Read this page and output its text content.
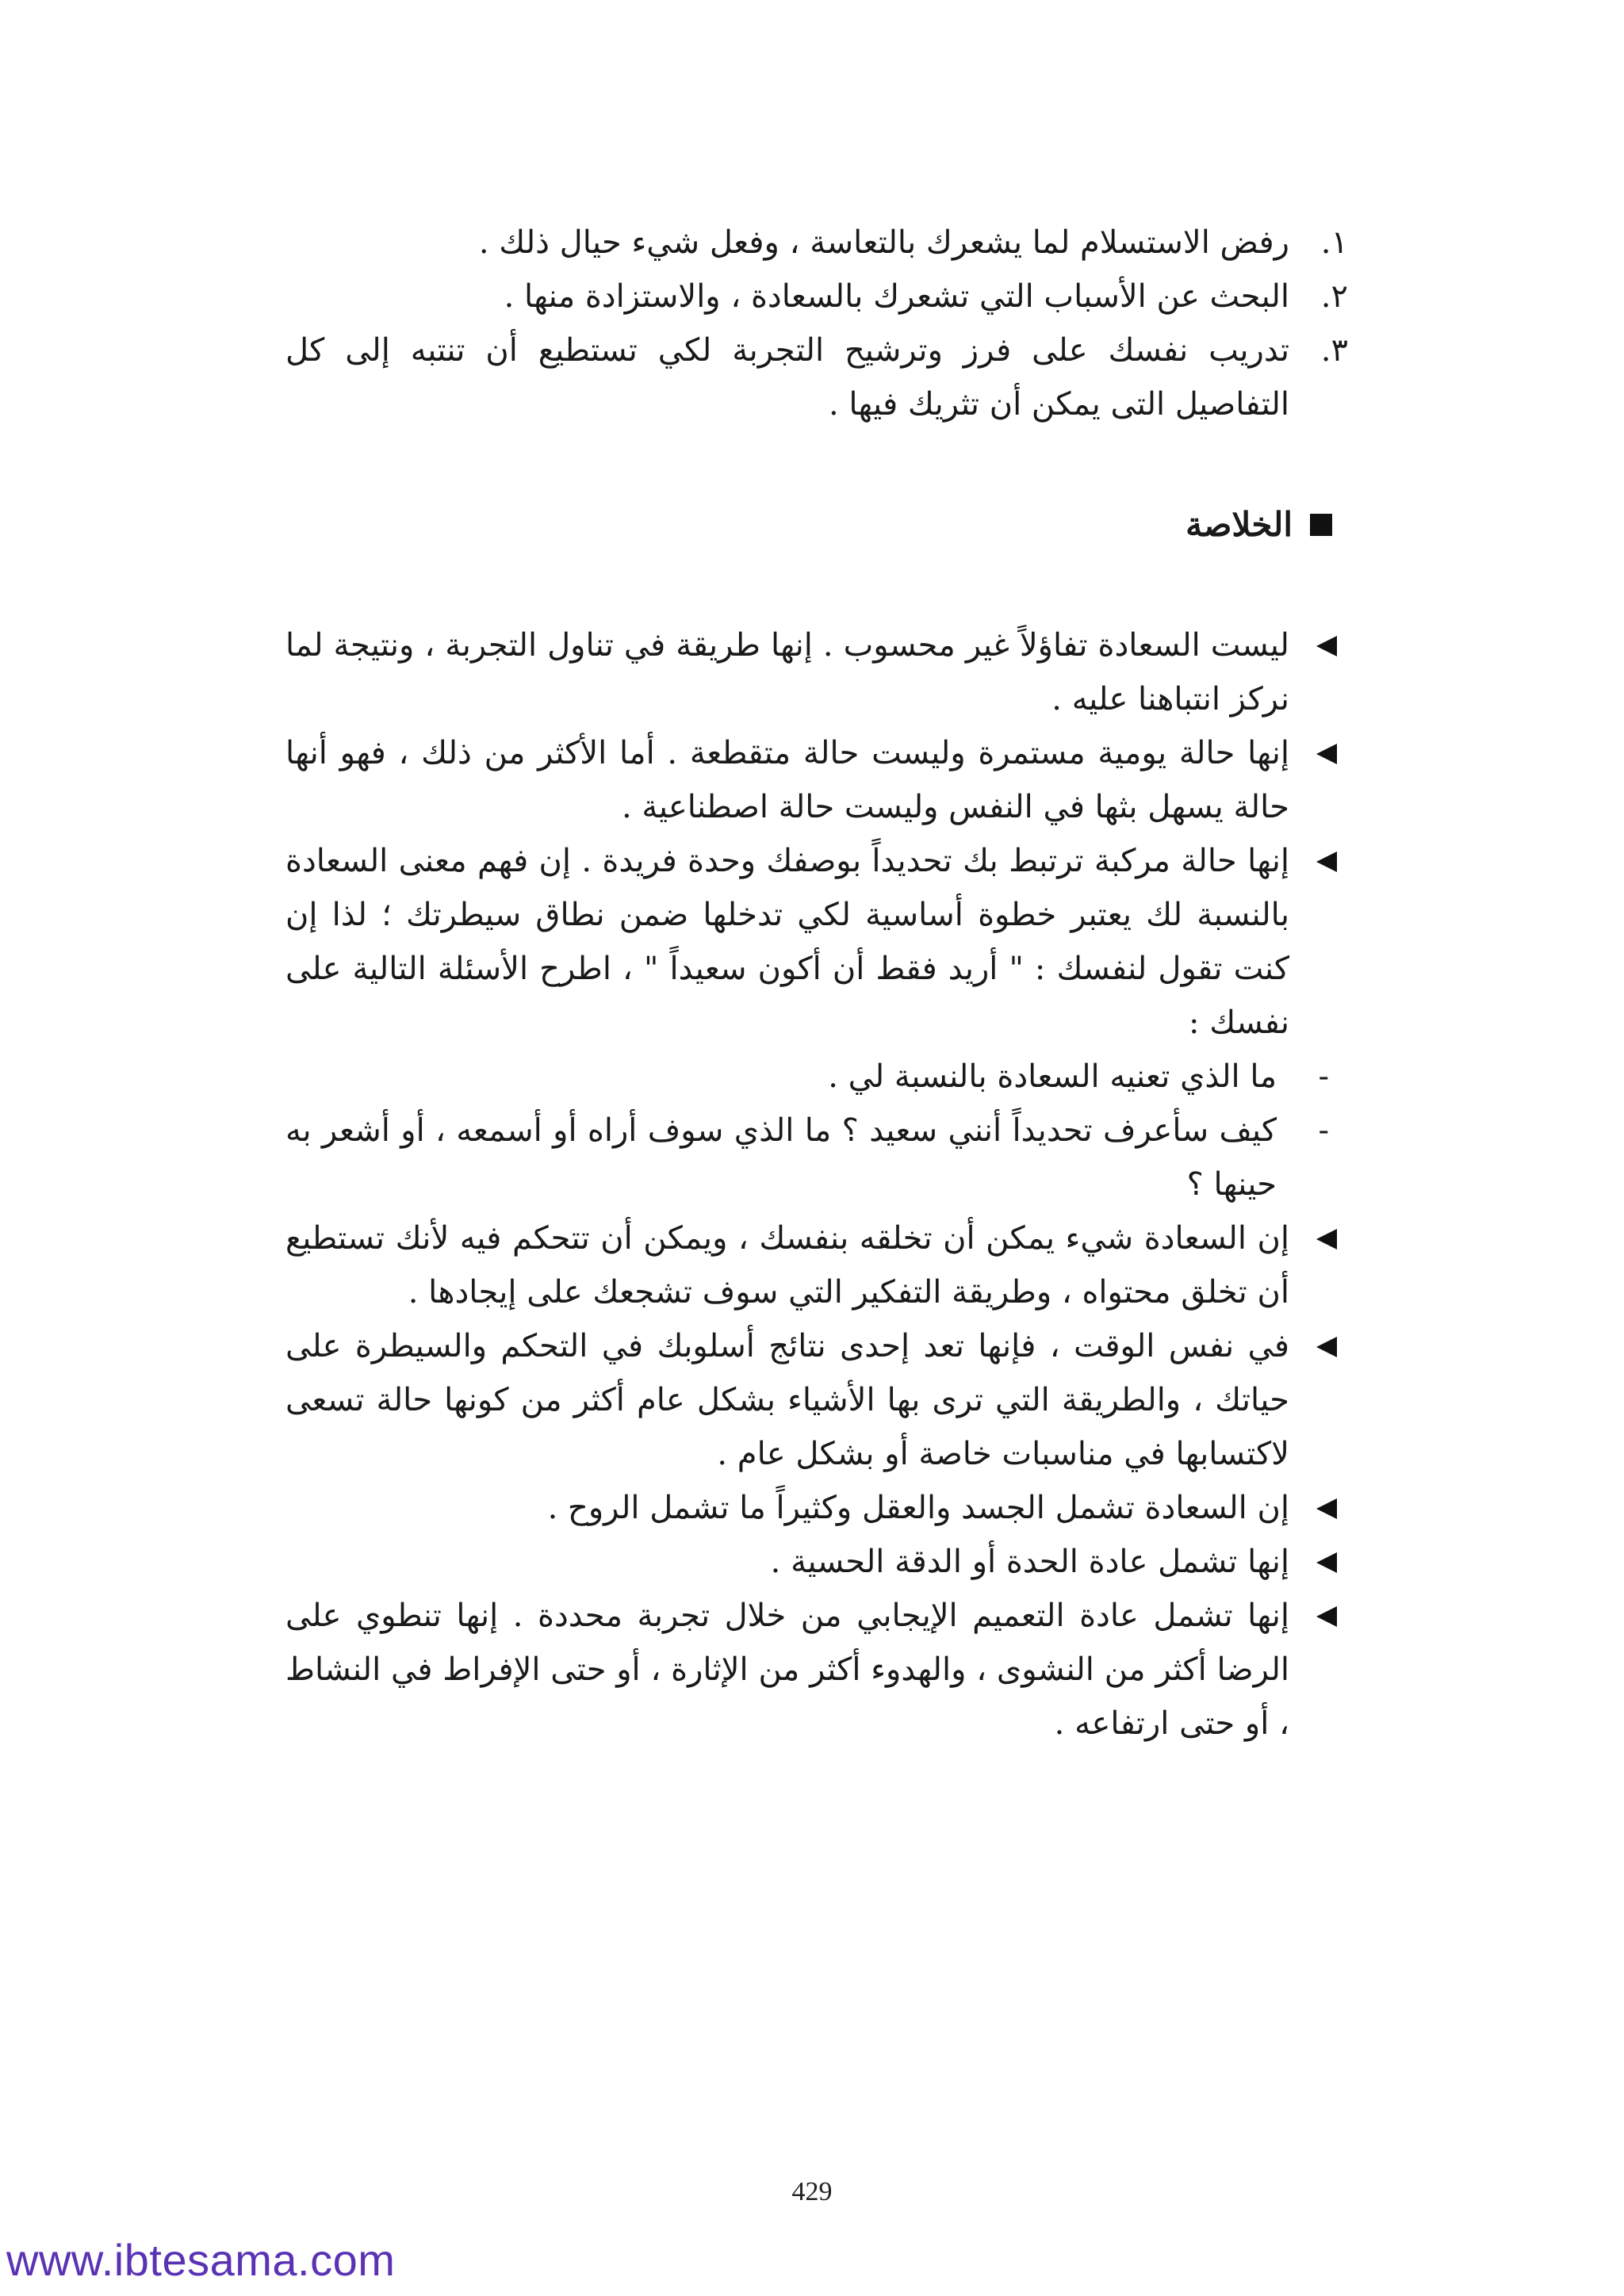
١.
رفض الاستسلام لما يشعرك بالتعاسة ، وفعل شيء حيال ذلك .
٢.
البحث عن الأسباب التي تشعرك بالسعادة ، والاستزادة منها .
٣.
تدريب نفسك على فرز وترشيح التجربة لكي تستطيع أن تنتبه إلى كل التفاصيل التى يمكن أن تثريك فيها .
الخلاصة
ليست السعادة تفاؤلاً غير محسوب . إنها طريقة في تناول التجربة ، ونتيجة لما نركز انتباهنا عليه .
إنها حالة يومية مستمرة وليست حالة متقطعة . أما الأكثر من ذلك ، فهو أنها حالة يسهل بثها في النفس وليست حالة اصطناعية .
إنها حالة مركبة ترتبط بك تحديداً بوصفك وحدة فريدة . إن فهم معنى السعادة بالنسبة لك يعتبر خطوة أساسية لكي تدخلها ضمن نطاق سيطرتك ؛ لذا إن كنت تقول لنفسك : " أريد فقط أن أكون سعيداً " ، اطرح الأسئلة التالية على نفسك :
-
ما الذي تعنيه السعادة بالنسبة لي .
-
كيف سأعرف تحديداً أنني سعيد ؟ ما الذي سوف أراه أو أسمعه ، أو أشعر به حينها ؟
إن السعادة شيء يمكن أن تخلقه بنفسك ، ويمكن أن تتحكم فيه لأنك تستطيع أن تخلق محتواه ، وطريقة التفكير التي سوف تشجعك على إيجادها .
في نفس الوقت ، فإنها تعد إحدى نتائج أسلوبك في التحكم والسيطرة على حياتك ، والطريقة التي ترى بها الأشياء بشكل عام أكثر من كونها حالة تسعى لاكتسابها في مناسبات خاصة أو بشكل عام .
إن السعادة تشمل الجسد والعقل وكثيراً ما تشمل الروح .
إنها تشمل عادة الحدة أو الدقة الحسية .
إنها تشمل عادة التعميم الإيجابي من خلال تجربة محددة . إنها تنطوي على الرضا أكثر من النشوى ، والهدوء أكثر من الإثارة ، أو حتى الإفراط في النشاط ، أو حتى ارتفاعه .
429
www.ibtesama.com
